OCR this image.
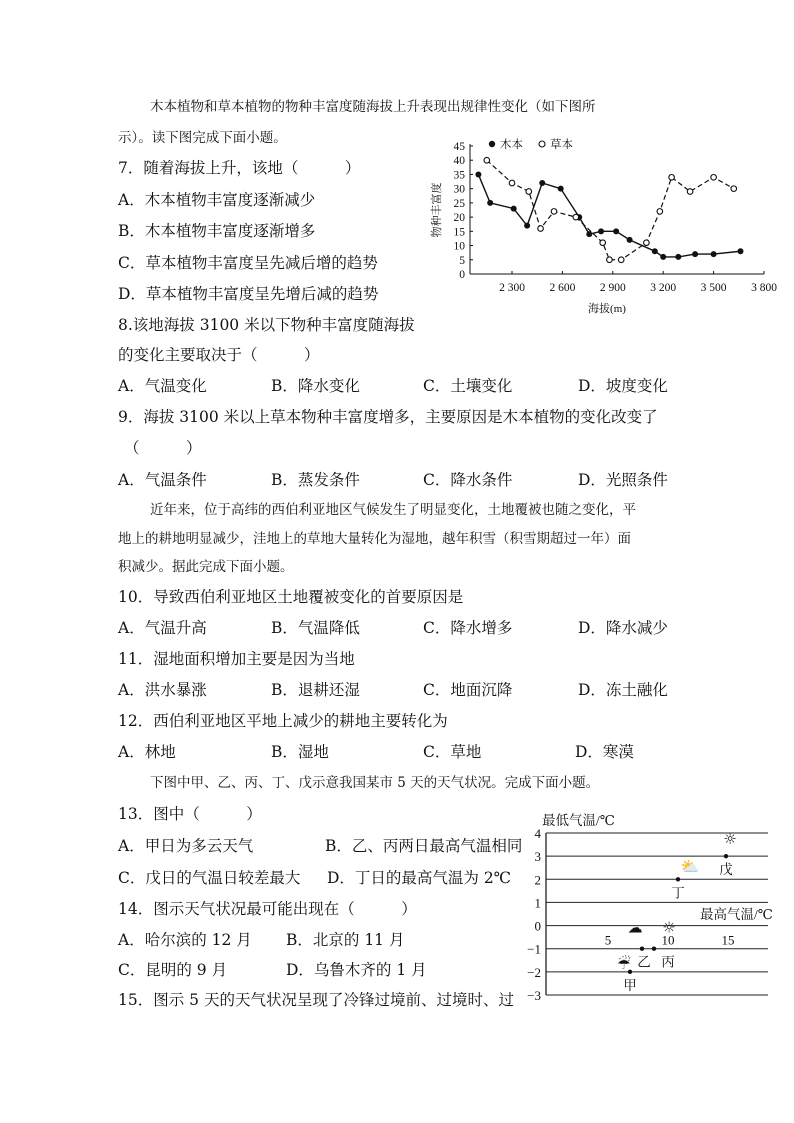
木本植物和草本植物的物种丰富度随海拔上升表现出规律性变化（如下图所
示）。读下图完成下面小题。
7．随着海拔上升，该地（　　　）
A．木本植物丰富度逐渐减少
B．木本植物丰富度逐渐增多
C．草本植物丰富度呈先减后增的趋势
D．草本植物丰富度呈先增后减的趋势
8.该地海拔 3100 米以下物种丰富度随海拔
的变化主要取决于（　　　）
A．气温变化	B．降水变化	C．土壤变化	D．坡度变化
9．海拔 3100 米以上草本物种丰富度增多，主要原因是木本植物的变化改变了
（　　　）
A．气温条件	B．蒸发条件	C．降水条件	D．光照条件
近年来，位于高纬的西伯利亚地区气候发生了明显变化，土地覆被也随之变化，平
地上的耕地明显减少，洼地上的草地大量转化为湿地，越年积雪（积雪期超过一年）面
积减少。据此完成下面小题。
10．导致西伯利亚地区土地覆被变化的首要原因是
A．气温升高	B．气温降低	C．降水增多	D．降水减少
11．湿地面积增加主要是因为当地
A．洪水暴涨	B．退耕还湿	C．地面沉降	D．冻土融化
12．西伯利亚地区平地上减少的耕地主要转化为
A．林地	B．湿地	C．草地	D．寒漠
下图中甲、乙、丙、丁、戊示意我国某市 5 天的天气状况。完成下面小题。
13．图中（　　　）
A．甲日为多云天气	B．乙、丙两日最高气温相同
C．戊日的气温日较差最大 D．丁日的最高气温为 2℃
14．图示天气状况最可能出现在（　　　）
A．哈尔滨的 12 月 B．北京的 11 月
C．昆明的 9 月	D．乌鲁木齐的 1 月
15．图示 5 天的天气状况呈现了冷锋过境前、过境时、过
0
5
10
15
20
25
30
35
40
45
2 300 2 600 2 900 3 200 3 500 3 800
海拔(m)
物种丰富度
木本 草本
4
3
2
1
0
−1
−2
−3
最低气温/℃
最高气温/℃
5	10	15
甲
☔ 乙
☁
丙
☼
丁
⛅ 戊
☼
